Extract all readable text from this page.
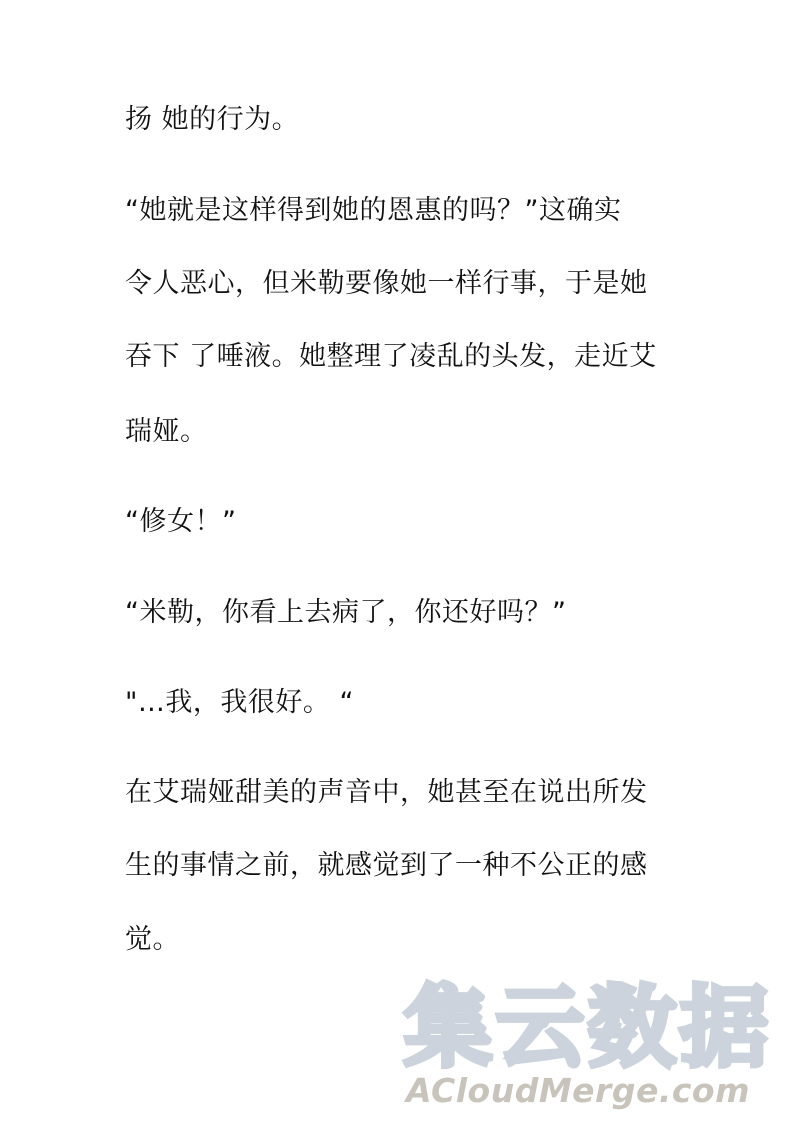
扬 她的行为。
“她就是这样得到她的恩惠的吗？”这确实
令人恶心，但米勒要像她一样行事，于是她
吞下 了唾液。她整理了凌乱的头发，走近艾
瑞娅。
“修女！”
“米勒，你看上去病了，你还好吗？”
"…我，我很好。 “
在艾瑞娅甜美的声音中，她甚至在说出所发
生的事情之前，就感觉到了一种不公正的感
觉。
集云数据
ACloudMerge.com
